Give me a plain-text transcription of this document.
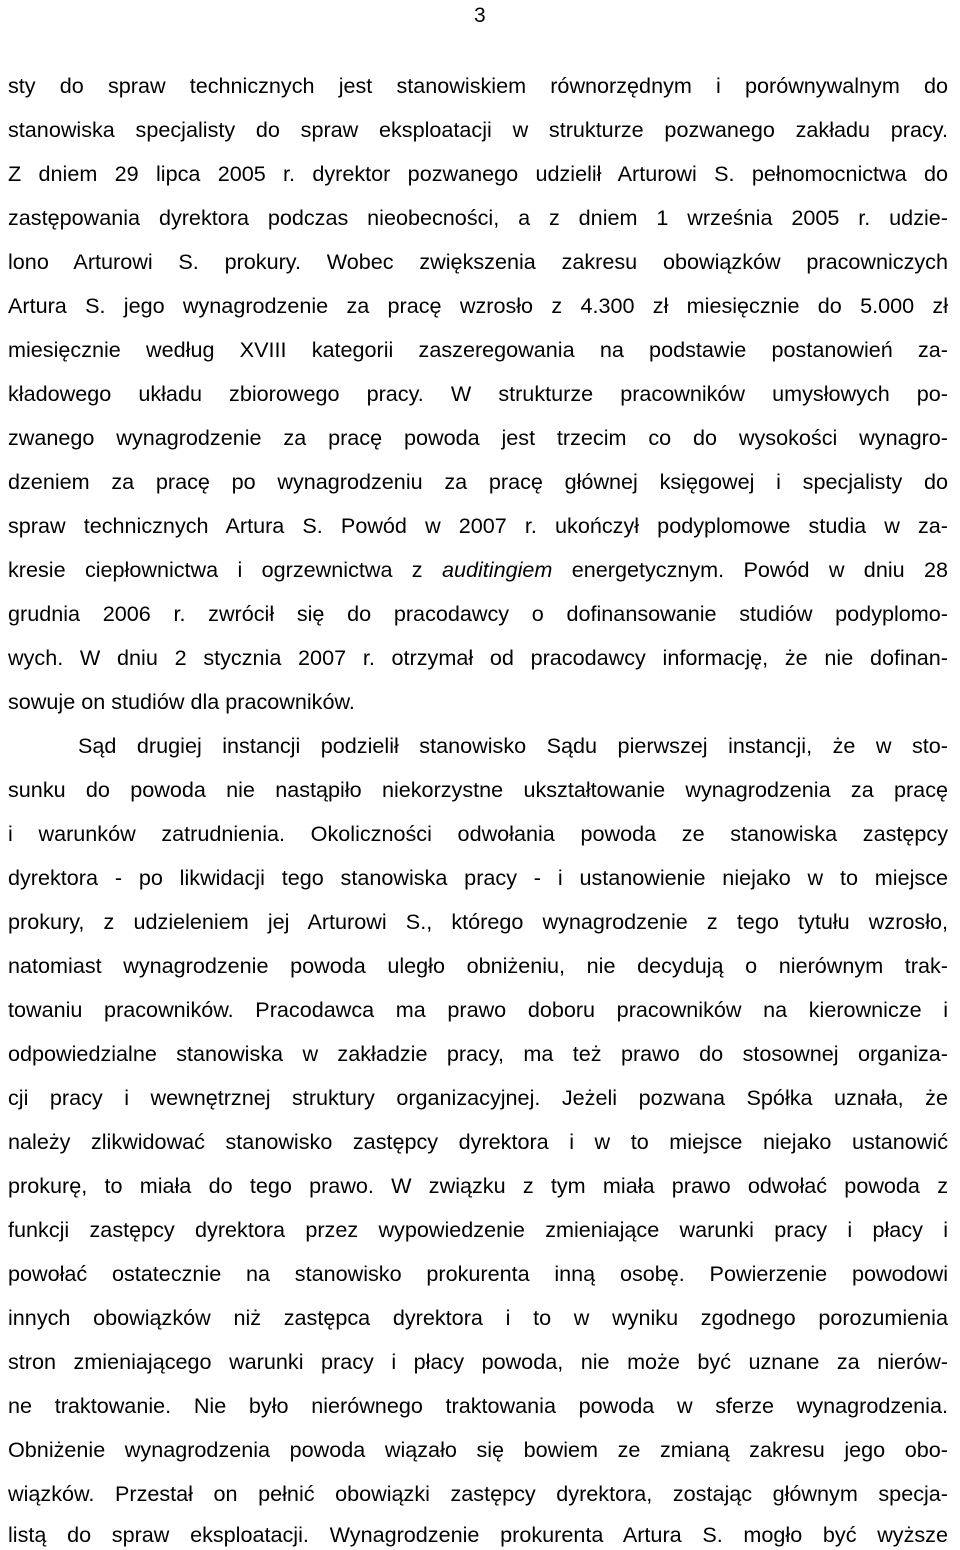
3
sty do spraw technicznych jest stanowiskiem równorzędnym i porównywalnym do
stanowiska specjalisty do spraw eksploatacji w strukturze pozwanego zakładu pracy.
Z dniem 29 lipca 2005 r. dyrektor pozwanego udzielił Arturowi S. pełnomocnictwa do
zastępowania dyrektora podczas nieobecności, a z dniem 1 września 2005 r. udzie-
lono Arturowi S. prokury. Wobec zwiększenia zakresu obowiązków pracowniczych
Artura S. jego wynagrodzenie za pracę wzrosło z 4.300 zł miesięcznie do 5.000 zł
miesięcznie według XVIII kategorii zaszeregowania na podstawie postanowień za-
kładowego układu zbiorowego pracy. W strukturze pracowników umysłowych po-
zwanego wynagrodzenie za pracę powoda jest trzecim co do wysokości wynagro-
dzeniem za pracę po wynagrodzeniu za pracę głównej księgowej i specjalisty do
spraw technicznych Artura S. Powód w 2007 r. ukończył podyplomowe studia w za-
kresie ciepłownictwa i ogrzewnictwa z auditingiem energetycznym. Powód w dniu 28
grudnia 2006 r. zwrócił się do pracodawcy o dofinansowanie studiów podyplomo-
wych. W dniu 2 stycznia 2007 r. otrzymał od pracodawcy informację, że nie dofinan-
sowuje on studiów dla pracowników.
Sąd drugiej instancji podzielił stanowisko Sądu pierwszej instancji, że w sto-
sunku do powoda nie nastąpiło niekorzystne ukształtowanie wynagrodzenia za pracę
i warunków zatrudnienia. Okoliczności odwołania powoda ze stanowiska zastępcy
dyrektora - po likwidacji tego stanowiska pracy - i ustanowienie niejako w to miejsce
prokury, z udzieleniem jej Arturowi S., którego wynagrodzenie z tego tytułu wzrosło,
natomiast wynagrodzenie powoda uległo obniżeniu, nie decydują o nierównym trak-
towaniu pracowników. Pracodawca ma prawo doboru pracowników na kierownicze i
odpowiedzialne stanowiska w zakładzie pracy, ma też prawo do stosownej organiza-
cji pracy i wewnętrznej struktury organizacyjnej. Jeżeli pozwana Spółka uznała, że
należy zlikwidować stanowisko zastępcy dyrektora i w to miejsce niejako ustanowić
prokurę, to miała do tego prawo. W związku z tym miała prawo odwołać powoda z
funkcji zastępcy dyrektora przez wypowiedzenie zmieniające warunki pracy i płacy i
powołać ostatecznie na stanowisko prokurenta inną osobę. Powierzenie powodowi
innych obowiązków niż zastępca dyrektora i to w wyniku zgodnego porozumienia
stron zmieniającego warunki pracy i płacy powoda, nie może być uznane za nierów-
ne traktowanie. Nie było nierównego traktowania powoda w sferze wynagrodzenia.
Obniżenie wynagrodzenia powoda wiązało się bowiem ze zmianą zakresu jego obo-
wiązków. Przestał on pełnić obowiązki zastępcy dyrektora, zostając głównym specja-
listą do spraw eksploatacji. Wynagrodzenie prokurenta Artura S. mogło być wyższe
